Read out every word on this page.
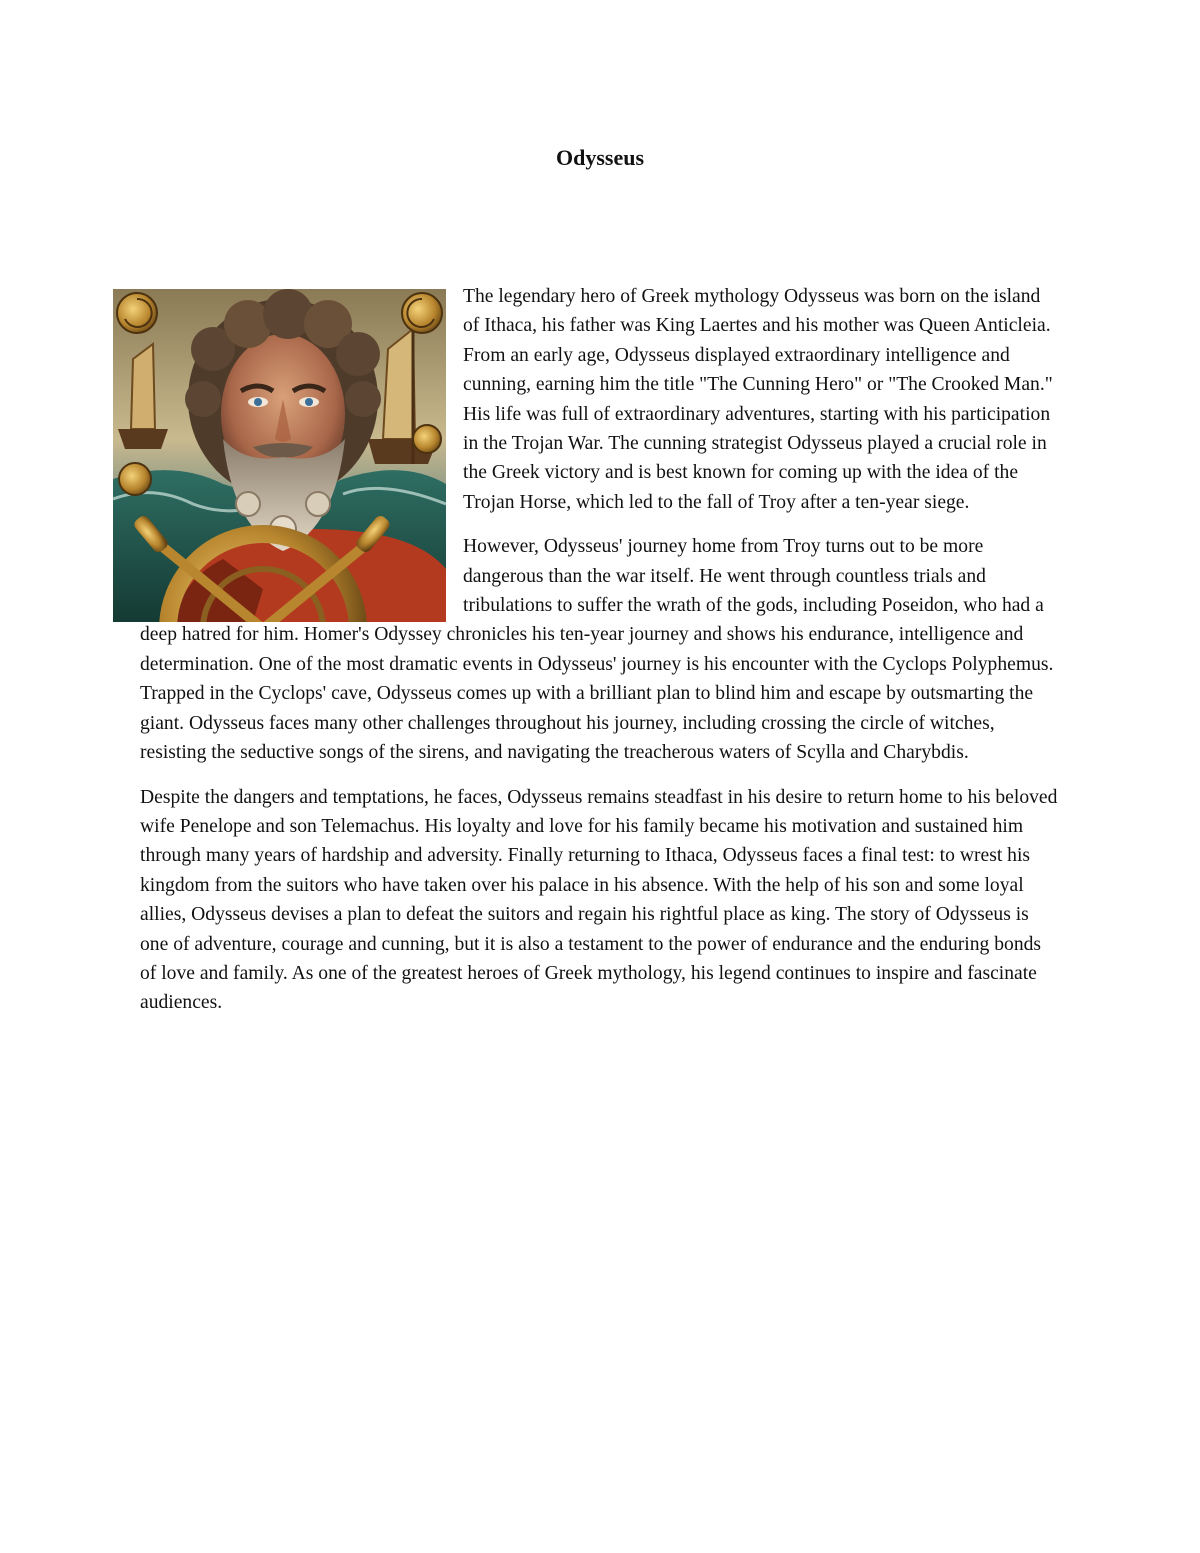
Odysseus

The legendary hero of Greek mythology Odysseus was born on the island of Ithaca, his father was King Laertes and his mother was Queen Anticleia. From an early age, Odysseus displayed extraordinary intelligence and cunning, earning him the title "The Cunning Hero" or "The Crooked Man." His life was full of extraordinary adventures, starting with his participation in the Trojan War. The cunning strategist Odysseus played a crucial role in the Greek victory and is best known for coming up with the idea of the Trojan Horse, which led to the fall of Troy after a ten-year siege.

However, Odysseus' journey home from Troy turns out to be more dangerous than the war itself. He went through countless trials and tribulations to suffer the wrath of the gods, including Poseidon, who had a deep hatred for him. Homer's Odyssey chronicles his ten-year journey and shows his endurance, intelligence and determination. One of the most dramatic events in Odysseus' journey is his encounter with the Cyclops Polyphemus. Trapped in the Cyclops' cave, Odysseus comes up with a brilliant plan to blind him and escape by outsmarting the giant. Odysseus faces many other challenges throughout his journey, including crossing the circle of witches, resisting the seductive songs of the sirens, and navigating the treacherous waters of Scylla and Charybdis.

Despite the dangers and temptations, he faces, Odysseus remains steadfast in his desire to return home to his beloved wife Penelope and son Telemachus. His loyalty and love for his family became his motivation and sustained him through many years of hardship and adversity. Finally returning to Ithaca, Odysseus faces a final test: to wrest his kingdom from the suitors who have taken over his palace in his absence. With the help of his son and some loyal allies, Odysseus devises a plan to defeat the suitors and regain his rightful place as king. The story of Odysseus is one of adventure, courage and cunning, but it is also a testament to the power of endurance and the enduring bonds of love and family. As one of the greatest heroes of Greek mythology, his legend continues to inspire and fascinate audiences.
